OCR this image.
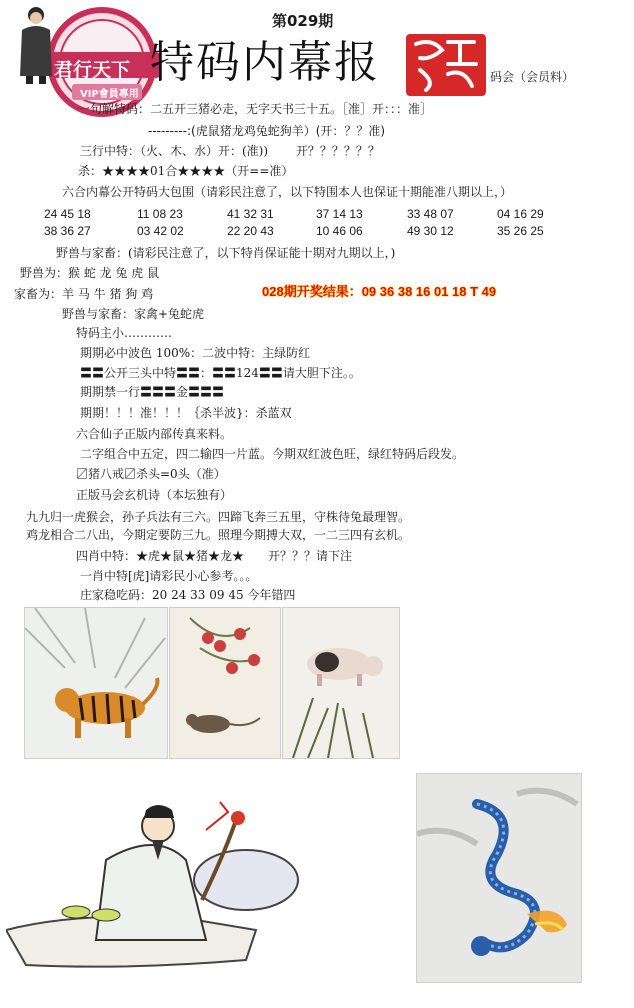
君行天下
VIP會員專用
第029期
特码内幕报	码会（会员料）
一句解特码：二五开三猪必走，无字天书三十五。［准］开：：：准］
---------:(虎鼠猪龙鸡兔蛇狗羊）(开：？？准)
三行中特：（火、木、水）开：(准))　　 开？？？？？？
杀：★★★★01合★★★★（开==准）
六合内幕公开特码大包围（请彩民注意了，以下特围本人也保证十期能准八期以上，）
24 45 18	11 08 23	41 32 31	37 14 13	33 48 07	04 16 29
38 36 27	03 42 02	22 20 43	10 46 06	49 30 12	35 26 25
野兽与家畜：(请彩民注意了，以下特肖保证能十期对九期以上，)
野兽为：猴 蛇 龙 兔 虎 鼠
家畜为：羊 马 牛 猪 狗 鸡	028期开奖结果：09 36 38 16 01 18 T 49
野兽与家畜：家禽+兔蛇虎
特码主小…………
期期必中波色 100%：二波中特：主绿防红
〓〓公开三头中特〓〓：〓〓124〓〓请大胆下注。。
期期禁一行〓〓〓金〓〓〓
期期！！！准！！！｛杀半波}：杀蓝双
六合仙子正版内部传真来料。
二字组合中五定，四二输四一片蓝。今期双红波色旺，绿红特码后段发。
〼猪八戒〼杀头=0头（准）
正版马会玄机诗（本坛独有）
九九归一虎猴会，孙子兵法有三六。四蹄飞奔三五里，守株待兔最理智。
鸡龙相合二八出，今期定要防三九。照理今期搏大双，一二三四有玄机。
四肖中特：★虎★鼠★猪★龙★　　开？？？请下注
一肖中特[虎]请彩民小心参考。。。
庄家稳吃码：20 24 33 09 45 今年错四
